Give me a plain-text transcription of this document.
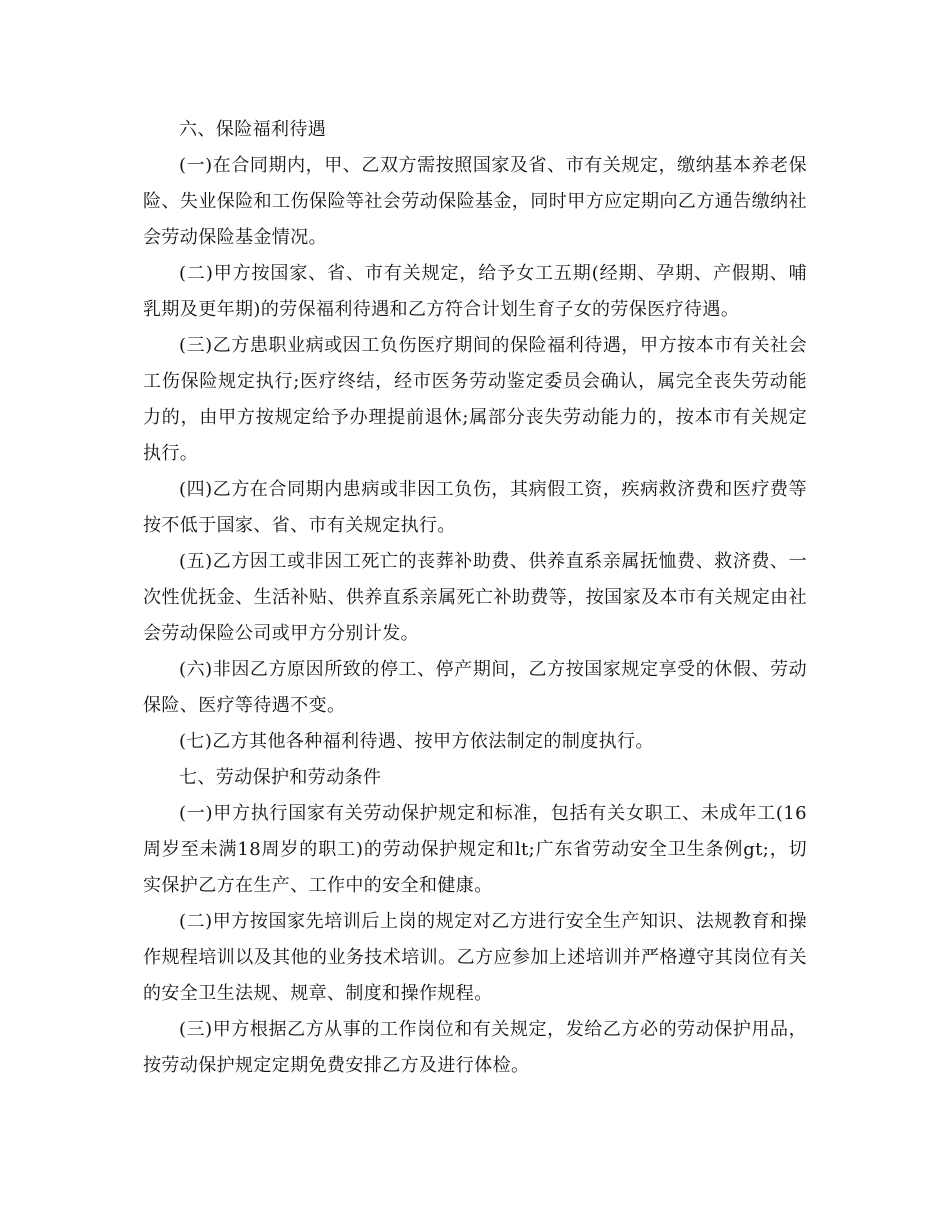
六、保险福利待遇

(一)在合同期内，甲、乙双方需按照国家及省、市有关规定，缴纳基本养老保险、失业保险和工伤保险等社会劳动保险基金，同时甲方应定期向乙方通告缴纳社会劳动保险基金情况。

(二)甲方按国家、省、市有关规定，给予女工五期(经期、孕期、产假期、哺乳期及更年期)的劳保福利待遇和乙方符合计划生育子女的劳保医疗待遇。

(三)乙方患职业病或因工负伤医疗期间的保险福利待遇，甲方按本市有关社会工伤保险规定执行;医疗终结，经市医务劳动鉴定委员会确认，属完全丧失劳动能力的，由甲方按规定给予办理提前退休;属部分丧失劳动能力的，按本市有关规定执行。

(四)乙方在合同期内患病或非因工负伤，其病假工资，疾病救济费和医疗费等按不低于国家、省、市有关规定执行。

(五)乙方因工或非因工死亡的丧葬补助费、供养直系亲属抚恤费、救济费、一次性优抚金、生活补贴、供养直系亲属死亡补助费等，按国家及本市有关规定由社会劳动保险公司或甲方分别计发。

(六)非因乙方原因所致的停工、停产期间，乙方按国家规定享受的休假、劳动保险、医疗等待遇不变。

(七)乙方其他各种福利待遇、按甲方依法制定的制度执行。

七、劳动保护和劳动条件

(一)甲方执行国家有关劳动保护规定和标准，包括有关女职工、未成年工(16周岁至未满18周岁的职工)的劳动保护规定和lt;广东省劳动安全卫生条例gt;，切实保护乙方在生产、工作中的安全和健康。

(二)甲方按国家先培训后上岗的规定对乙方进行安全生产知识、法规教育和操作规程培训以及其他的业务技术培训。乙方应参加上述培训并严格遵守其岗位有关的安全卫生法规、规章、制度和操作规程。

(三)甲方根据乙方从事的工作岗位和有关规定，发给乙方必的劳动保护用品，按劳动保护规定定期免费安排乙方及进行体检。
